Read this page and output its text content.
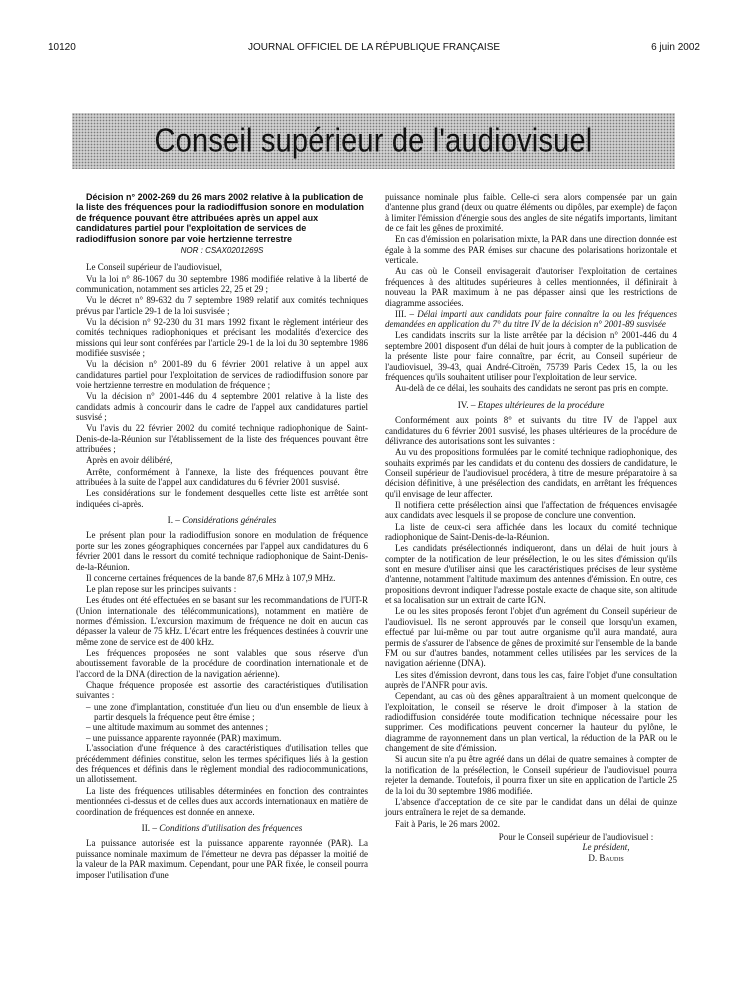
10120	JOURNAL OFFICIEL DE LA RÉPUBLIQUE FRANÇAISE	6 juin 2002
Conseil supérieur de l'audiovisuel

Décision n° 2002-269 du 26 mars 2002 relative à la publication de la liste des fréquences pour la radiodiffusion sonore en modulation de fréquence pouvant être attribuées après un appel aux candidatures partiel pour l'exploitation de services de radiodiffusion sonore par voie hertzienne terrestre

NOR : CSAX0201269S

Le Conseil supérieur de l'audiovisuel,

Vu la loi n° 86-1067 du 30 septembre 1986 modifiée relative à la liberté de communication, notamment ses articles 22, 25 et 29 ;

Vu le décret n° 89-632 du 7 septembre 1989 relatif aux comités techniques prévus par l'article 29-1 de la loi susvisée ;

Vu la décision n° 92-230 du 31 mars 1992 fixant le règlement intérieur des comités techniques radiophoniques et précisant les modalités d'exercice des missions qui leur sont conférées par l'article 29-1 de la loi du 30 septembre 1986 modifiée susvisée ;

Vu la décision n° 2001-89 du 6 février 2001 relative à un appel aux candidatures partiel pour l'exploitation de services de radiodiffusion sonore par voie hertzienne terrestre en modulation de fréquence ;

Vu la décision n° 2001-446 du 4 septembre 2001 relative à la liste des candidats admis à concourir dans le cadre de l'appel aux candidatures partiel susvisé ;

Vu l'avis du 22 février 2002 du comité technique radiophonique de Saint-Denis-de-la-Réunion sur l'établissement de la liste des fréquences pouvant être attribuées ;

Après en avoir délibéré,

Arrête, conformément à l'annexe, la liste des fréquences pouvant être attribuées à la suite de l'appel aux candidatures du 6 février 2001 susvisé.

Les considérations sur le fondement desquelles cette liste est arrêtée sont indiquées ci-après.

I. – Considérations générales

Le présent plan pour la radiodiffusion sonore en modulation de fréquence porte sur les zones géographiques concernées par l'appel aux candidatures du 6 février 2001 dans le ressort du comité technique radiophonique de Saint-Denis-de-la-Réunion.

Il concerne certaines fréquences de la bande 87,6 MHz à 107,9 MHz.

Le plan repose sur les principes suivants :

Les études ont été effectuées en se basant sur les recommandations de l'UIT-R (Union internationale des télécommunications), notamment en matière de normes d'émission. L'excursion maximum de fréquence ne doit en aucun cas dépasser la valeur de 75 kHz. L'écart entre les fréquences destinées à couvrir une même zone de service est de 400 kHz.

Les fréquences proposées ne sont valables que sous réserve d'un aboutissement favorable de la procédure de coordination internationale et de l'accord de la DNA (direction de la navigation aérienne).

Chaque fréquence proposée est assortie des caractéristiques d'utilisation suivantes :

– une zone d'implantation, constituée d'un lieu ou d'un ensemble de lieux à partir desquels la fréquence peut être émise ;
– une altitude maximum au sommet des antennes ;
– une puissance apparente rayonnée (PAR) maximum.

L'association d'une fréquence à des caractéristiques d'utilisation telles que précédemment définies constitue, selon les termes spécifiques liés à la gestion des fréquences et définis dans le règlement mondial des radiocommunications, un allotissement.

La liste des fréquences utilisables déterminées en fonction des contraintes mentionnées ci-dessus et de celles dues aux accords internationaux en matière de coordination de fréquences est donnée en annexe.

II. – Conditions d'utilisation des fréquences

La puissance autorisée est la puissance apparente rayonnée (PAR). La puissance nominale maximum de l'émetteur ne devra pas dépasser la moitié de la valeur de la PAR maximum. Cependant, pour une PAR fixée, le conseil pourra imposer l'utilisation d'une

puissance nominale plus faible. Celle-ci sera alors compensée par un gain d'antenne plus grand (deux ou quatre éléments ou dipôles, par exemple) de façon à limiter l'émission d'énergie sous des angles de site négatifs importants, limitant de ce fait les gênes de proximité.

En cas d'émission en polarisation mixte, la PAR dans une direction donnée est égale à la somme des PAR émises sur chacune des polarisations horizontale et verticale.

Au cas où le Conseil envisagerait d'autoriser l'exploitation de certaines fréquences à des altitudes supérieures à celles mentionnées, il définirait à nouveau la PAR maximum à ne pas dépasser ainsi que les restrictions de diagramme associées.

III. – Délai imparti aux candidats pour faire connaître la ou les fréquences demandées en application du 7° du titre IV de la décision n° 2001-89 susvisée

Les candidats inscrits sur la liste arrêtée par la décision n° 2001-446 du 4 septembre 2001 disposent d'un délai de huit jours à compter de la publication de la présente liste pour faire connaître, par écrit, au Conseil supérieur de l'audiovisuel, 39-43, quai André-Citroën, 75739 Paris Cedex 15, la ou les fréquences qu'ils souhaitent utiliser pour l'exploitation de leur service.

Au-delà de ce délai, les souhaits des candidats ne seront pas pris en compte.

IV. – Etapes ultérieures de la procédure

Conformément aux points 8° et suivants du titre IV de l'appel aux candidatures du 6 février 2001 susvisé, les phases ultérieures de la procédure de délivrance des autorisations sont les suivantes :

Au vu des propositions formulées par le comité technique radiophonique, des souhaits exprimés par les candidats et du contenu des dossiers de candidature, le Conseil supérieur de l'audiovisuel procédera, à titre de mesure préparatoire à sa décision définitive, à une présélection des candidats, en arrêtant les fréquences qu'il envisage de leur affecter.

Il notifiera cette présélection ainsi que l'affectation de fréquences envisagée aux candidats avec lesquels il se propose de conclure une convention.

La liste de ceux-ci sera affichée dans les locaux du comité technique radiophonique de Saint-Denis-de-la-Réunion.

Les candidats présélectionnés indiqueront, dans un délai de huit jours à compter de la notification de leur présélection, le ou les sites d'émission qu'ils sont en mesure d'utiliser ainsi que les caractéristiques précises de leur système d'antenne, notamment l'altitude maximum des antennes d'émission. En outre, ces propositions devront indiquer l'adresse postale exacte de chaque site, son altitude et sa localisation sur un extrait de carte IGN.

Le ou les sites proposés feront l'objet d'un agrément du Conseil supérieur de l'audiovisuel. Ils ne seront approuvés par le conseil que lorsqu'un examen, effectué par lui-même ou par tout autre organisme qu'il aura mandaté, aura permis de s'assurer de l'absence de gênes de proximité sur l'ensemble de la bande FM ou sur d'autres bandes, notamment celles utilisées par les services de la navigation aérienne (DNA).

Les sites d'émission devront, dans tous les cas, faire l'objet d'une consultation auprès de l'ANFR pour avis.

Cependant, au cas où des gênes apparaîtraient à un moment quelconque de l'exploitation, le conseil se réserve le droit d'imposer à la station de radiodiffusion considérée toute modification technique nécessaire pour les supprimer. Ces modifications peuvent concerner la hauteur du pylône, le diagramme de rayonnement dans un plan vertical, la réduction de la PAR ou le changement de site d'émission.

Si aucun site n'a pu être agréé dans un délai de quatre semaines à compter de la notification de la présélection, le Conseil supérieur de l'audiovisuel pourra rejeter la demande. Toutefois, il pourra fixer un site en application de l'article 25 de la loi du 30 septembre 1986 modifiée.

L'absence d'acceptation de ce site par le candidat dans un délai de quinze jours entraînera le rejet de sa demande.

Fait à Paris, le 26 mars 2002.

Pour le Conseil supérieur de l'audiovisuel :
Le président,
D. Baudis
